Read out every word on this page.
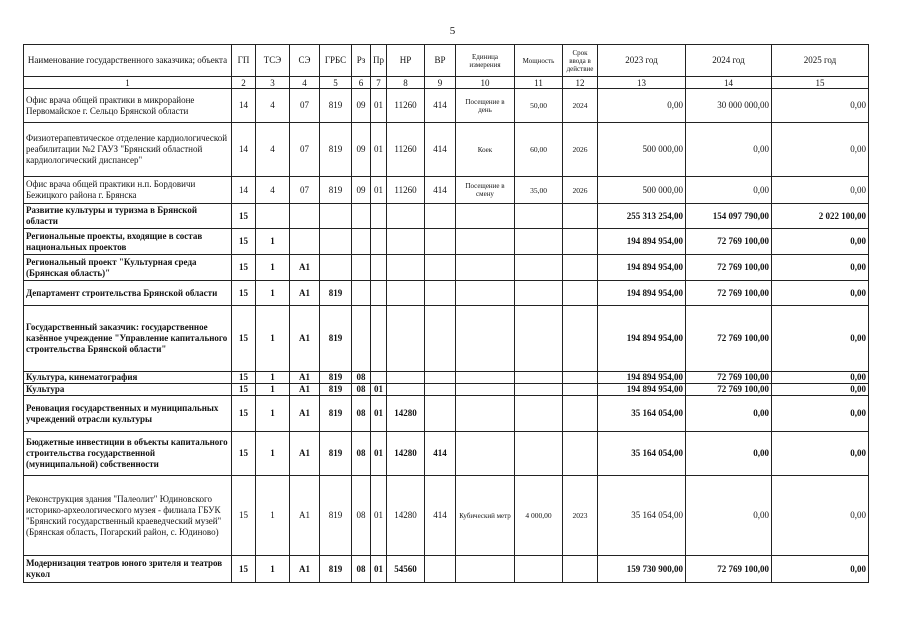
5
Наименование государственного заказчика; объекта	ГП	ТСЭ	СЭ	ГРБС	Рз	Пр	НР	ВР	Единица измерения	Мощность	Срок ввода в действие	2023 год	2024 год	2025 год
1	2	3	4	5	6	7	8	9	10	11	12	13	14	15
Офис врача общей практики в микрорайоне Первомайское г. Сельцо Брянской области	14	4	07	819	09	01	11260	414	Посещение в день	50,00	2024	0,00	30 000 000,00	0,00
Физиотерапевтическое отделение кардиологической реабилитации №2 ГАУЗ "Брянский областной кардиологический диспансер"	14	4	07	819	09	01	11260	414	Коек	60,00	2026	500 000,00	0,00	0,00
Офис врача общей практики н.п. Бордовичи Бежицкого района г. Брянска	14	4	07	819	09	01	11260	414	Посещение в смену	35,00	2026	500 000,00	0,00	0,00
Развитие культуры и туризма в Брянской области	15											255 313 254,00	154 097 790,00	2 022 100,00
Региональные проекты, входящие в состав национальных проектов	15	1										194 894 954,00	72 769 100,00	0,00
Региональный проект "Культурная среда (Брянская область)"	15	1	А1									194 894 954,00	72 769 100,00	0,00
Департамент строительства Брянской области	15	1	А1	819								194 894 954,00	72 769 100,00	0,00
Государственный заказчик: государственное казённое учреждение "Управление капитального строительства Брянской области"	15	1	А1	819								194 894 954,00	72 769 100,00	0,00
Культура, кинематография	15	1	А1	819	08							194 894 954,00	72 769 100,00	0,00
Культура	15	1	А1	819	08	01						194 894 954,00	72 769 100,00	0,00
Реновация государственных и муниципальных учреждений отрасли культуры	15	1	А1	819	08	01	14280					35 164 054,00	0,00	0,00
Бюджетные инвестиции в объекты капитального строительства государственной (муниципальной) собственности	15	1	А1	819	08	01	14280	414				35 164 054,00	0,00	0,00
Реконструкция здания "Палеолит" Юдиновского историко-археологического музея - филиала ГБУК "Брянский государственный краеведческий музей" (Брянская область, Погарский район, с. Юдиново)	15	1	А1	819	08	01	14280	414	Кубический метр	4 000,00	2023	35 164 054,00	0,00	0,00
Модернизация театров юного зрителя и театров кукол	15	1	А1	819	08	01	54560					159 730 900,00	72 769 100,00	0,00
